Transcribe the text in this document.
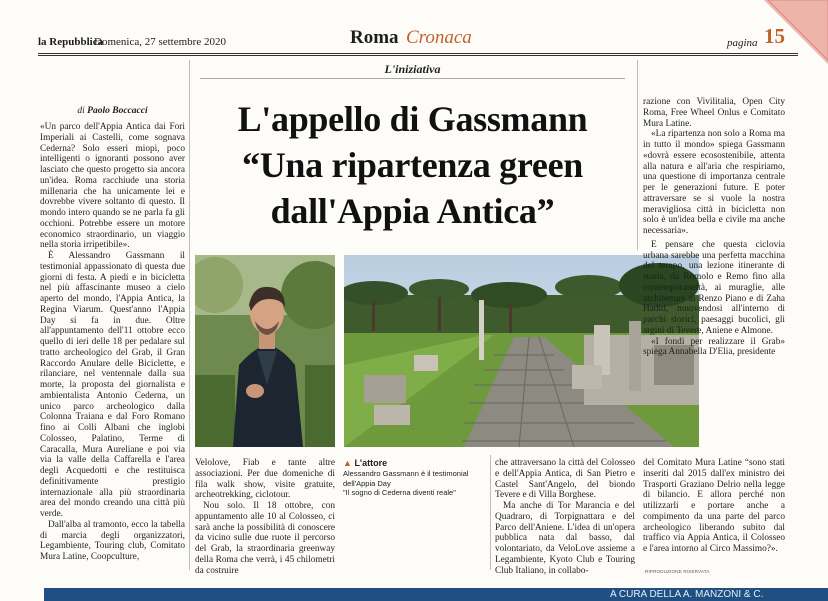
la Repubblica
Domenica, 27 settembre 2020	Roma Cronaca	pagina 15
L'iniziativa
L'appello di Gassmann
“Una ripartenza green
dall'Appia Antica”
di Paolo Boccacci

«Un parco dell'Appia Antica dai Fori Imperiali ai Castelli, come sognava Cederna? Solo esseri miopi, poco intelligenti o ignoranti possono aver lasciato che questo progetto sia ancora un'idea. Roma racchiude una storia millenaria che ha unicamente lei e dovrebbe vivere soltanto di questo. Il mondo intero quando se ne parla fa gli occhioni. Potrebbe essere un motore economico straordinario, un viaggio nella storia irripetibile».

È Alessandro Gassmann il testimonial appassionato di questa due giorni di festa. A piedi e in bicicletta nel più affascinante museo a cielo aperto del mondo, l'Appia Antica, la Regina Viarum. Quest'anno l'Appia Day si fa in due. Oltre all'appuntamento dell'11 ottobre ecco quello di ieri delle 18 per pedalare sul tratto archeologico del Grab, il Gran Raccordo Anulare delle Biciclette, e rilanciare, nel ventennale dalla sua morte, la proposta del giornalista e ambientalista Antonio Cederna, un unico parco archeologico dalla Colonna Traiana e dal Foro Romano fino ai Colli Albani che inglobi Colosseo, Palatino, Terme di Caracalla, Mura Aureliane e poi via via la valle della Caffarella e l'area degli Acquedotti e che restituisca definitivamente prestigio internazionale alla più straordinaria area del mondo creando una città più verde.

Dall'alba al tramonto, ecco la tabella di marcia degli organizzatori, Legambiente, Touring club, Comitato Mura Latine, Coopculture,

Velolove, Fiab e tante altre associazioni. Per due domeniche di fila walk show, visite gratuite, archeotrekking, ciclotour.

Nou solo. Il 18 ottobre, con appuntamento alle 10 al Colosseo, ci sarà anche la possibilità di conoscere da vicino sulle due ruote il percorso del Grab, la straordinaria greenway della Roma che verrà, i 45 chilometri da costruire

▲ L'attore
Alessandro Gassmann è il testimonial dell'Appia Day
"Il sogno di Cederna diventi reale"

che attraversano la città del Colosseo e dell'Appia Antica, di San Pietro e Castel Sant'Angelo, del biondo Tevere e di Villa Borghese.

Ma anche di Tor Marancia e del Quadraro, di Torpignattara e del Parco dell'Aniene. L'idea di un'opera pubblica nata dal basso, dal volontariato, da VeloLove assieme a Legambiente, Kyoto Club e Touring Club Italiano, in collabo-

razione con Vivilitalia, Open City Roma, Free Wheel Onlus e Comitato Mura Latine.

«La ripartenza non solo a Roma ma in tutto il mondo» spiega Gassmann «dovrà essere ecosostenibile, attenta alla natura e all'aria che respiriamo, una questione di importanza centrale per le generazioni future. E poter attraversare se si vuole la nostra meravigliosa città in bicicletta non solo è un'idea bella e civile ma anche necessaria».

E pensare che questa ciclovia urbana sarebbe una perfetta macchina del tempo, una lezione itinerante di storia, da Romolo e Remo fino alla contemporaneità, ai muraglie, alle architetture di Renzo Piano e di Zaha Hadid, muovendosi all'interno di parchi storici, paesaggi bucolici, gli argini di Tevere, Aniene e Almone.

«I fondi per realizzare il Grab» spiega Annabella D'Elia, presidente

del Comitato Mura Latine “sono stati inseriti dal 2015 dall'ex ministro dei Trasporti Graziano Delrio nella legge di bilancio. E allora perché non utilizzarli e portare anche a compimento da una parte del parco archeologico liberando subito dal traffico via Appia Antica, il Colosseo e l'area intorno al Circo Massimo?».

RIPRODUZIONE RISERVATA
A CURA DELLA A. MANZONI & C.
